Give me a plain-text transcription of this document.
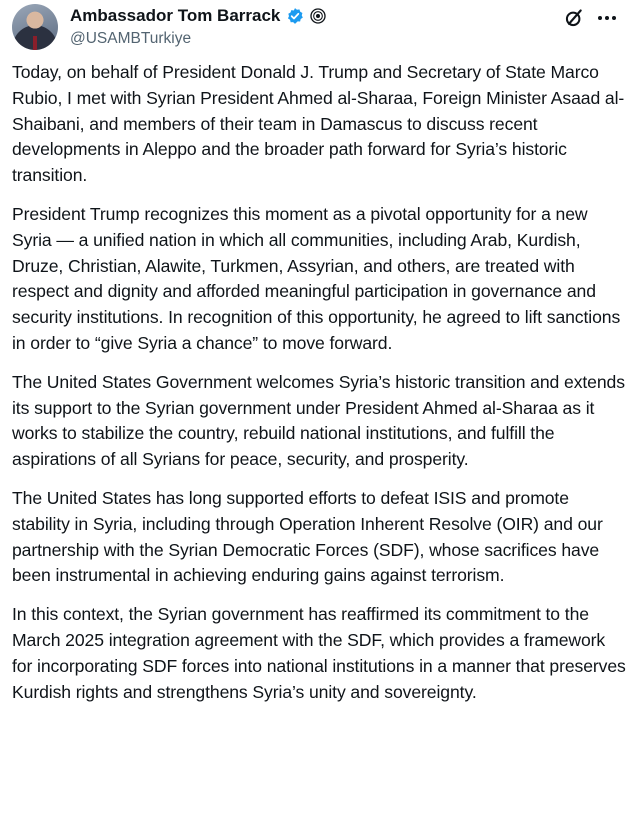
Ambassador Tom Barrack
@USAMBTurkiye

Today, on behalf of President Donald J. Trump and Secretary of State Marco Rubio, I met with Syrian President Ahmed al-Sharaa, Foreign Minister Asaad al-Shaibani, and members of their team in Damascus to discuss recent developments in Aleppo and the broader path forward for Syria’s historic transition.

President Trump recognizes this moment as a pivotal opportunity for a new Syria — a unified nation in which all communities, including Arab, Kurdish, Druze, Christian, Alawite, Turkmen, Assyrian, and others, are treated with respect and dignity and afforded meaningful participation in governance and security institutions. In recognition of this opportunity, he agreed to lift sanctions in order to “give Syria a chance” to move forward.

The United States Government welcomes Syria’s historic transition and extends its support to the Syrian government under President Ahmed al-Sharaa as it works to stabilize the country, rebuild national institutions, and fulfill the aspirations of all Syrians for peace, security, and prosperity.

The United States has long supported efforts to defeat ISIS and promote stability in Syria, including through Operation Inherent Resolve (OIR) and our partnership with the Syrian Democratic Forces (SDF), whose sacrifices have been instrumental in achieving enduring gains against terrorism.

In this context, the Syrian government has reaffirmed its commitment to the March 2025 integration agreement with the SDF, which provides a framework for incorporating SDF forces into national institutions in a manner that preserves Kurdish rights and strengthens Syria’s unity and sovereignty.
